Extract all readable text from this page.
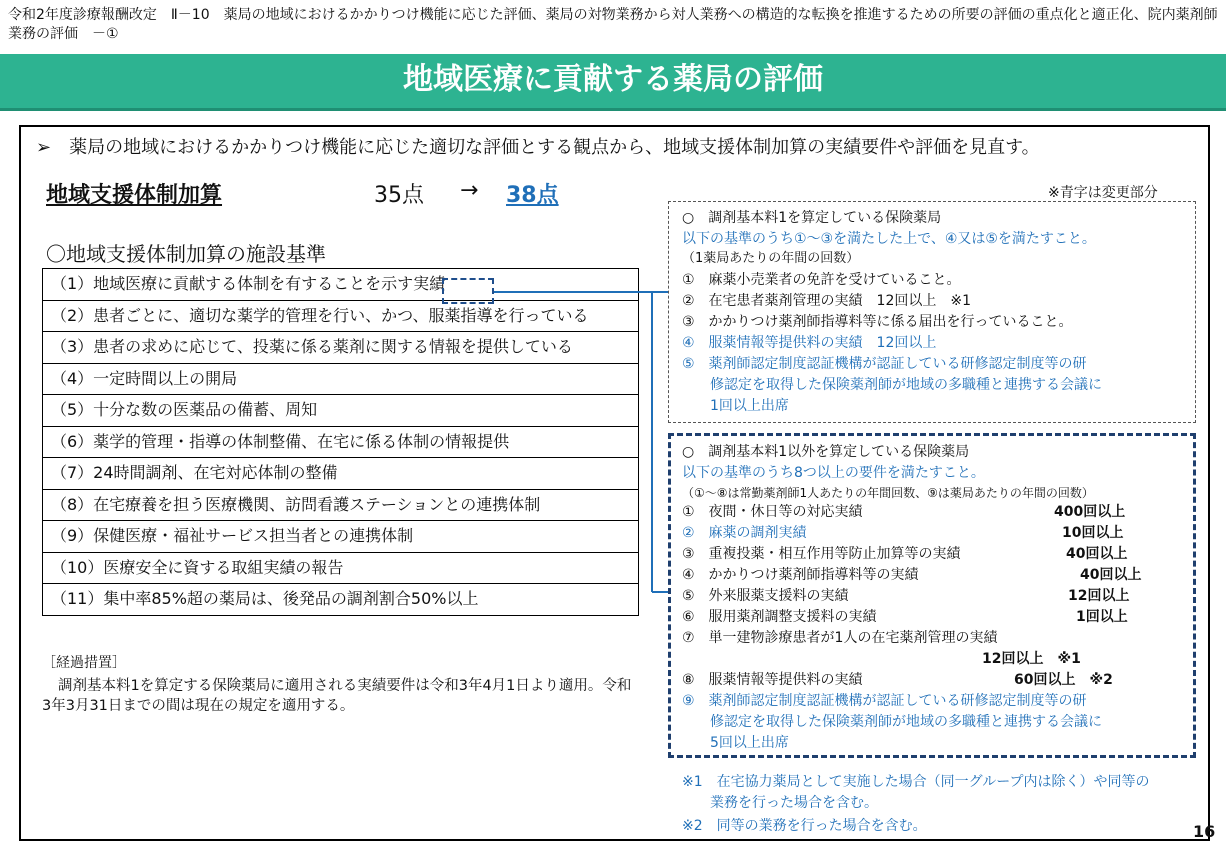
令和2年度診療報酬改定　Ⅱ－10　薬局の地域におけるかかりつけ機能に応じた評価、薬局の対物業務から対人業務への構造的な転換を推進するための所要の評価の重点化と適正化、院内薬剤師業務の評価　－①
地域医療に貢献する薬局の評価
➢　薬局の地域におけるかかりつけ機能に応じた適切な評価とする観点から、地域支援体制加算の実績要件や評価を見直す。
地域支援体制加算	35点 → 38点	※青字は変更部分
〇地域支援体制加算の施設基準
（1）地域医療に貢献する体制を有することを示す実績
（2）患者ごとに、適切な薬学的管理を行い、かつ、服薬指導を行っている
（3）患者の求めに応じて、投薬に係る薬剤に関する情報を提供している
（4）一定時間以上の開局
（5）十分な数の医薬品の備蓄、周知
（6）薬学的管理・指導の体制整備、在宅に係る体制の情報提供
（7）24時間調剤、在宅対応体制の整備
（8）在宅療養を担う医療機関、訪問看護ステーションとの連携体制
（9）保健医療・福祉サービス担当者との連携体制
（10）医療安全に資する取組実績の報告
（11）集中率85%超の薬局は、後発品の調剤割合50%以上
［経過措置］
調剤基本料1を算定する保険薬局に適用される実績要件は令和3年4月1日より適用。令和3年3月31日までの間は現在の規定を適用する。
○　調剤基本料1を算定している保険薬局
以下の基準のうち①～③を満たした上で、④又は⑤を満たすこと。
（1薬局あたりの年間の回数）
①　麻薬小売業者の免許を受けていること。
②　在宅患者薬剤管理の実績　12回以上　※1
③　かかりつけ薬剤師指導料等に係る届出を行っていること。
④　服薬情報等提供料の実績　12回以上
⑤　薬剤師認定制度認証機構が認証している研修認定制度等の研
　　修認定を取得した保険薬剤師が地域の多職種と連携する会議に
　　1回以上出席
○　調剤基本料1以外を算定している保険薬局
以下の基準のうち8つ以上の要件を満たすこと。
（①～⑧は常勤薬剤師1人あたりの年間回数、⑨は薬局あたりの年間の回数）
①　夜間・休日等の対応実績	400回以上
②　麻薬の調剤実績	10回以上
③　重複投薬・相互作用等防止加算等の実績	40回以上
④　かかりつけ薬剤師指導料等の実績	40回以上
⑤　外来服薬支援料の実績	12回以上
⑥　服用薬剤調整支援料の実績	1回以上
⑦　単一建物診療患者が1人の在宅薬剤管理の実績
12回以上　※1
⑧　服薬情報等提供料の実績	60回以上　※2
⑨　薬剤師認定制度認証機構が認証している研修認定制度等の研
　　修認定を取得した保険薬剤師が地域の多職種と連携する会議に
　　5回以上出席
※1　在宅協力薬局として実施した場合（同一グループ内は除く）や同等の
　　業務を行った場合を含む。
※2　同等の業務を行った場合を含む。	16
